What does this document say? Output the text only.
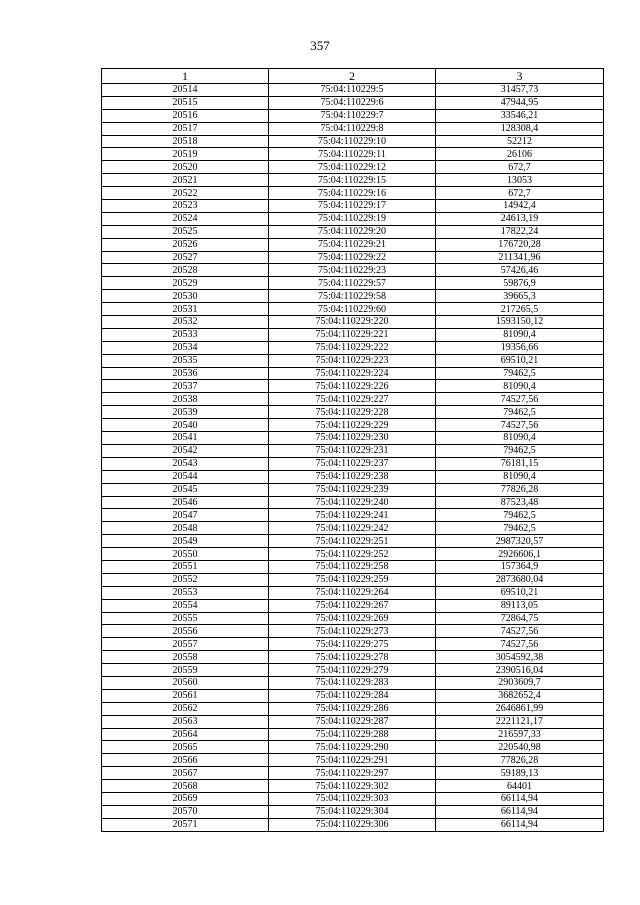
357
1	2	3
20514	75:04:110229:5	31457,73
20515	75:04:110229:6	47944,95
20516	75:04:110229:7	33546,21
20517	75:04:110229:8	128308,4
20518	75:04:110229:10	52212
20519	75:04:110229:11	26106
20520	75:04:110229:12	672,7
20521	75:04:110229:15	13053
20522	75:04:110229:16	672,7
20523	75:04:110229:17	14942,4
20524	75:04:110229:19	24613,19
20525	75:04:110229:20	17822,24
20526	75:04:110229:21	176720,28
20527	75:04:110229:22	211341,96
20528	75:04:110229:23	57426,46
20529	75:04:110229:57	59876,9
20530	75:04:110229:58	39665,3
20531	75:04:110229:60	217265,5
20532	75:04:110229:220	1593150,12
20533	75:04:110229:221	81090,4
20534	75:04:110229:222	19356,66
20535	75:04:110229:223	69510,21
20536	75:04:110229:224	79462,5
20537	75:04:110229:226	81090,4
20538	75:04:110229:227	74527,56
20539	75:04:110229:228	79462,5
20540	75:04:110229:229	74527,56
20541	75:04:110229:230	81090,4
20542	75:04:110229:231	79462,5
20543	75:04:110229:237	76181,15
20544	75:04:110229:238	81090,4
20545	75:04:110229:239	77826,28
20546	75:04:110229:240	87523,48
20547	75:04:110229:241	79462,5
20548	75:04:110229:242	79462,5
20549	75:04:110229:251	2987320,57
20550	75:04:110229:252	2926606,1
20551	75:04:110229:258	157364,9
20552	75:04:110229:259	2873680,04
20553	75:04:110229:264	69510,21
20554	75:04:110229:267	89113,05
20555	75:04:110229:269	72864,75
20556	75:04:110229:273	74527,56
20557	75:04:110229:275	74527,56
20558	75:04:110229:278	3054592,38
20559	75:04:110229:279	2390516,04
20560	75:04:110229:283	2903609,7
20561	75:04:110229:284	3682652,4
20562	75:04:110229:286	2646861,99
20563	75:04:110229:287	2221121,17
20564	75:04:110229:288	216597,33
20565	75:04:110229:290	220540,98
20566	75:04:110229:291	77826,28
20567	75:04:110229:297	59189,13
20568	75:04:110229:302	64401
20569	75:04:110229:303	66114,94
20570	75:04:110229:304	66114,94
20571	75:04:110229:306	66114,94
